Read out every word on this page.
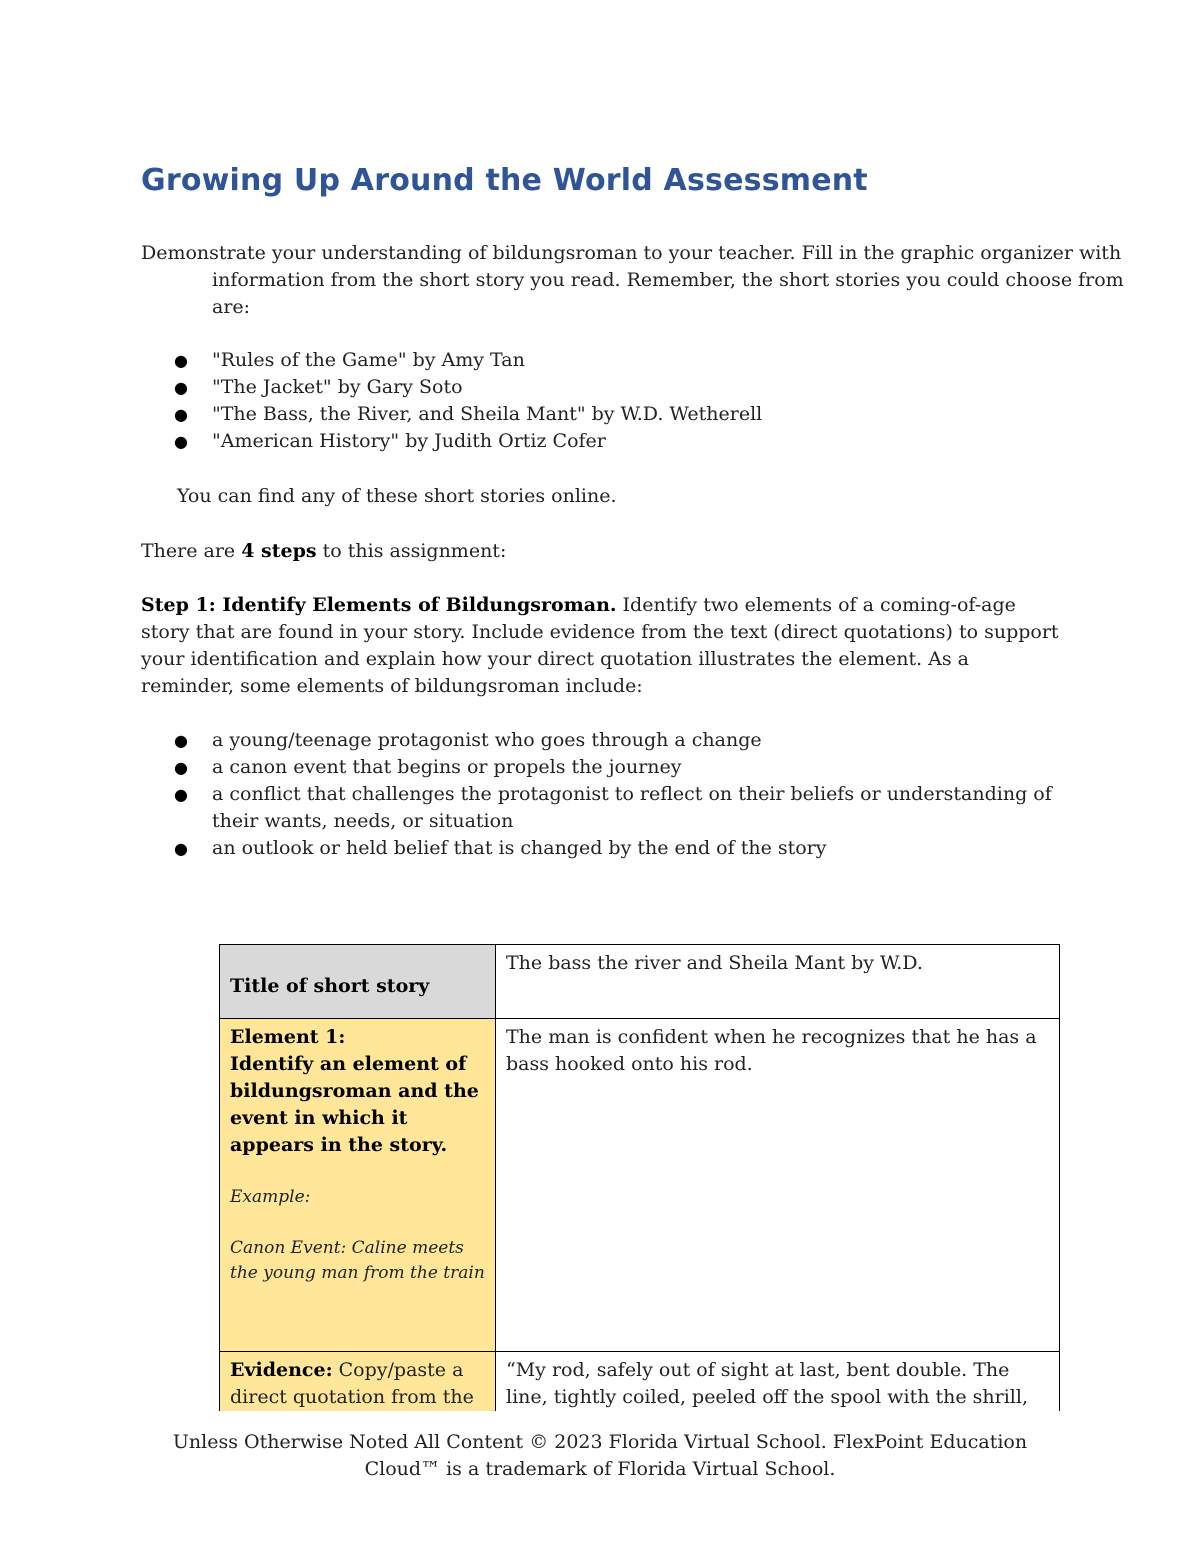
Growing Up Around the World Assessment

Demonstrate your understanding of bildungsroman to your teacher. Fill in the graphic organizer with information from the short story you read. Remember, the short stories you could choose from are:

● "Rules of the Game" by Amy Tan
● "The Jacket" by Gary Soto
● "The Bass, the River, and Sheila Mant" by W.D. Wetherell
● "American History" by Judith Ortiz Cofer

You can find any of these short stories online.

There are 4 steps to this assignment:

Step 1: Identify Elements of Bildungsroman. Identify two elements of a coming-of-age story that are found in your story. Include evidence from the text (direct quotations) to support your identification and explain how your direct quotation illustrates the element. As a reminder, some elements of bildungsroman include:

● a young/teenage protagonist who goes through a change
● a canon event that begins or propels the journey
● a conflict that challenges the protagonist to reflect on their beliefs or understanding of their wants, needs, or situation
● an outlook or held belief that is changed by the end of the story
Title of short story	The bass the river and Sheila Mant by W.D.
Element 1:
Identify an element of bildungsroman and the event in which it appears in the story.
Example:
Canon Event: Caline meets the young man from the train	The man is confident when he recognizes that he has a bass hooked onto his rod.
Evidence: Copy/paste a direct quotation from the	“My rod, safely out of sight at last, bent double. The line, tightly coiled, peeled off the spool with the shrill,
Unless Otherwise Noted All Content © 2023 Florida Virtual School. FlexPoint Education
Cloud™ is a trademark of Florida Virtual School.
